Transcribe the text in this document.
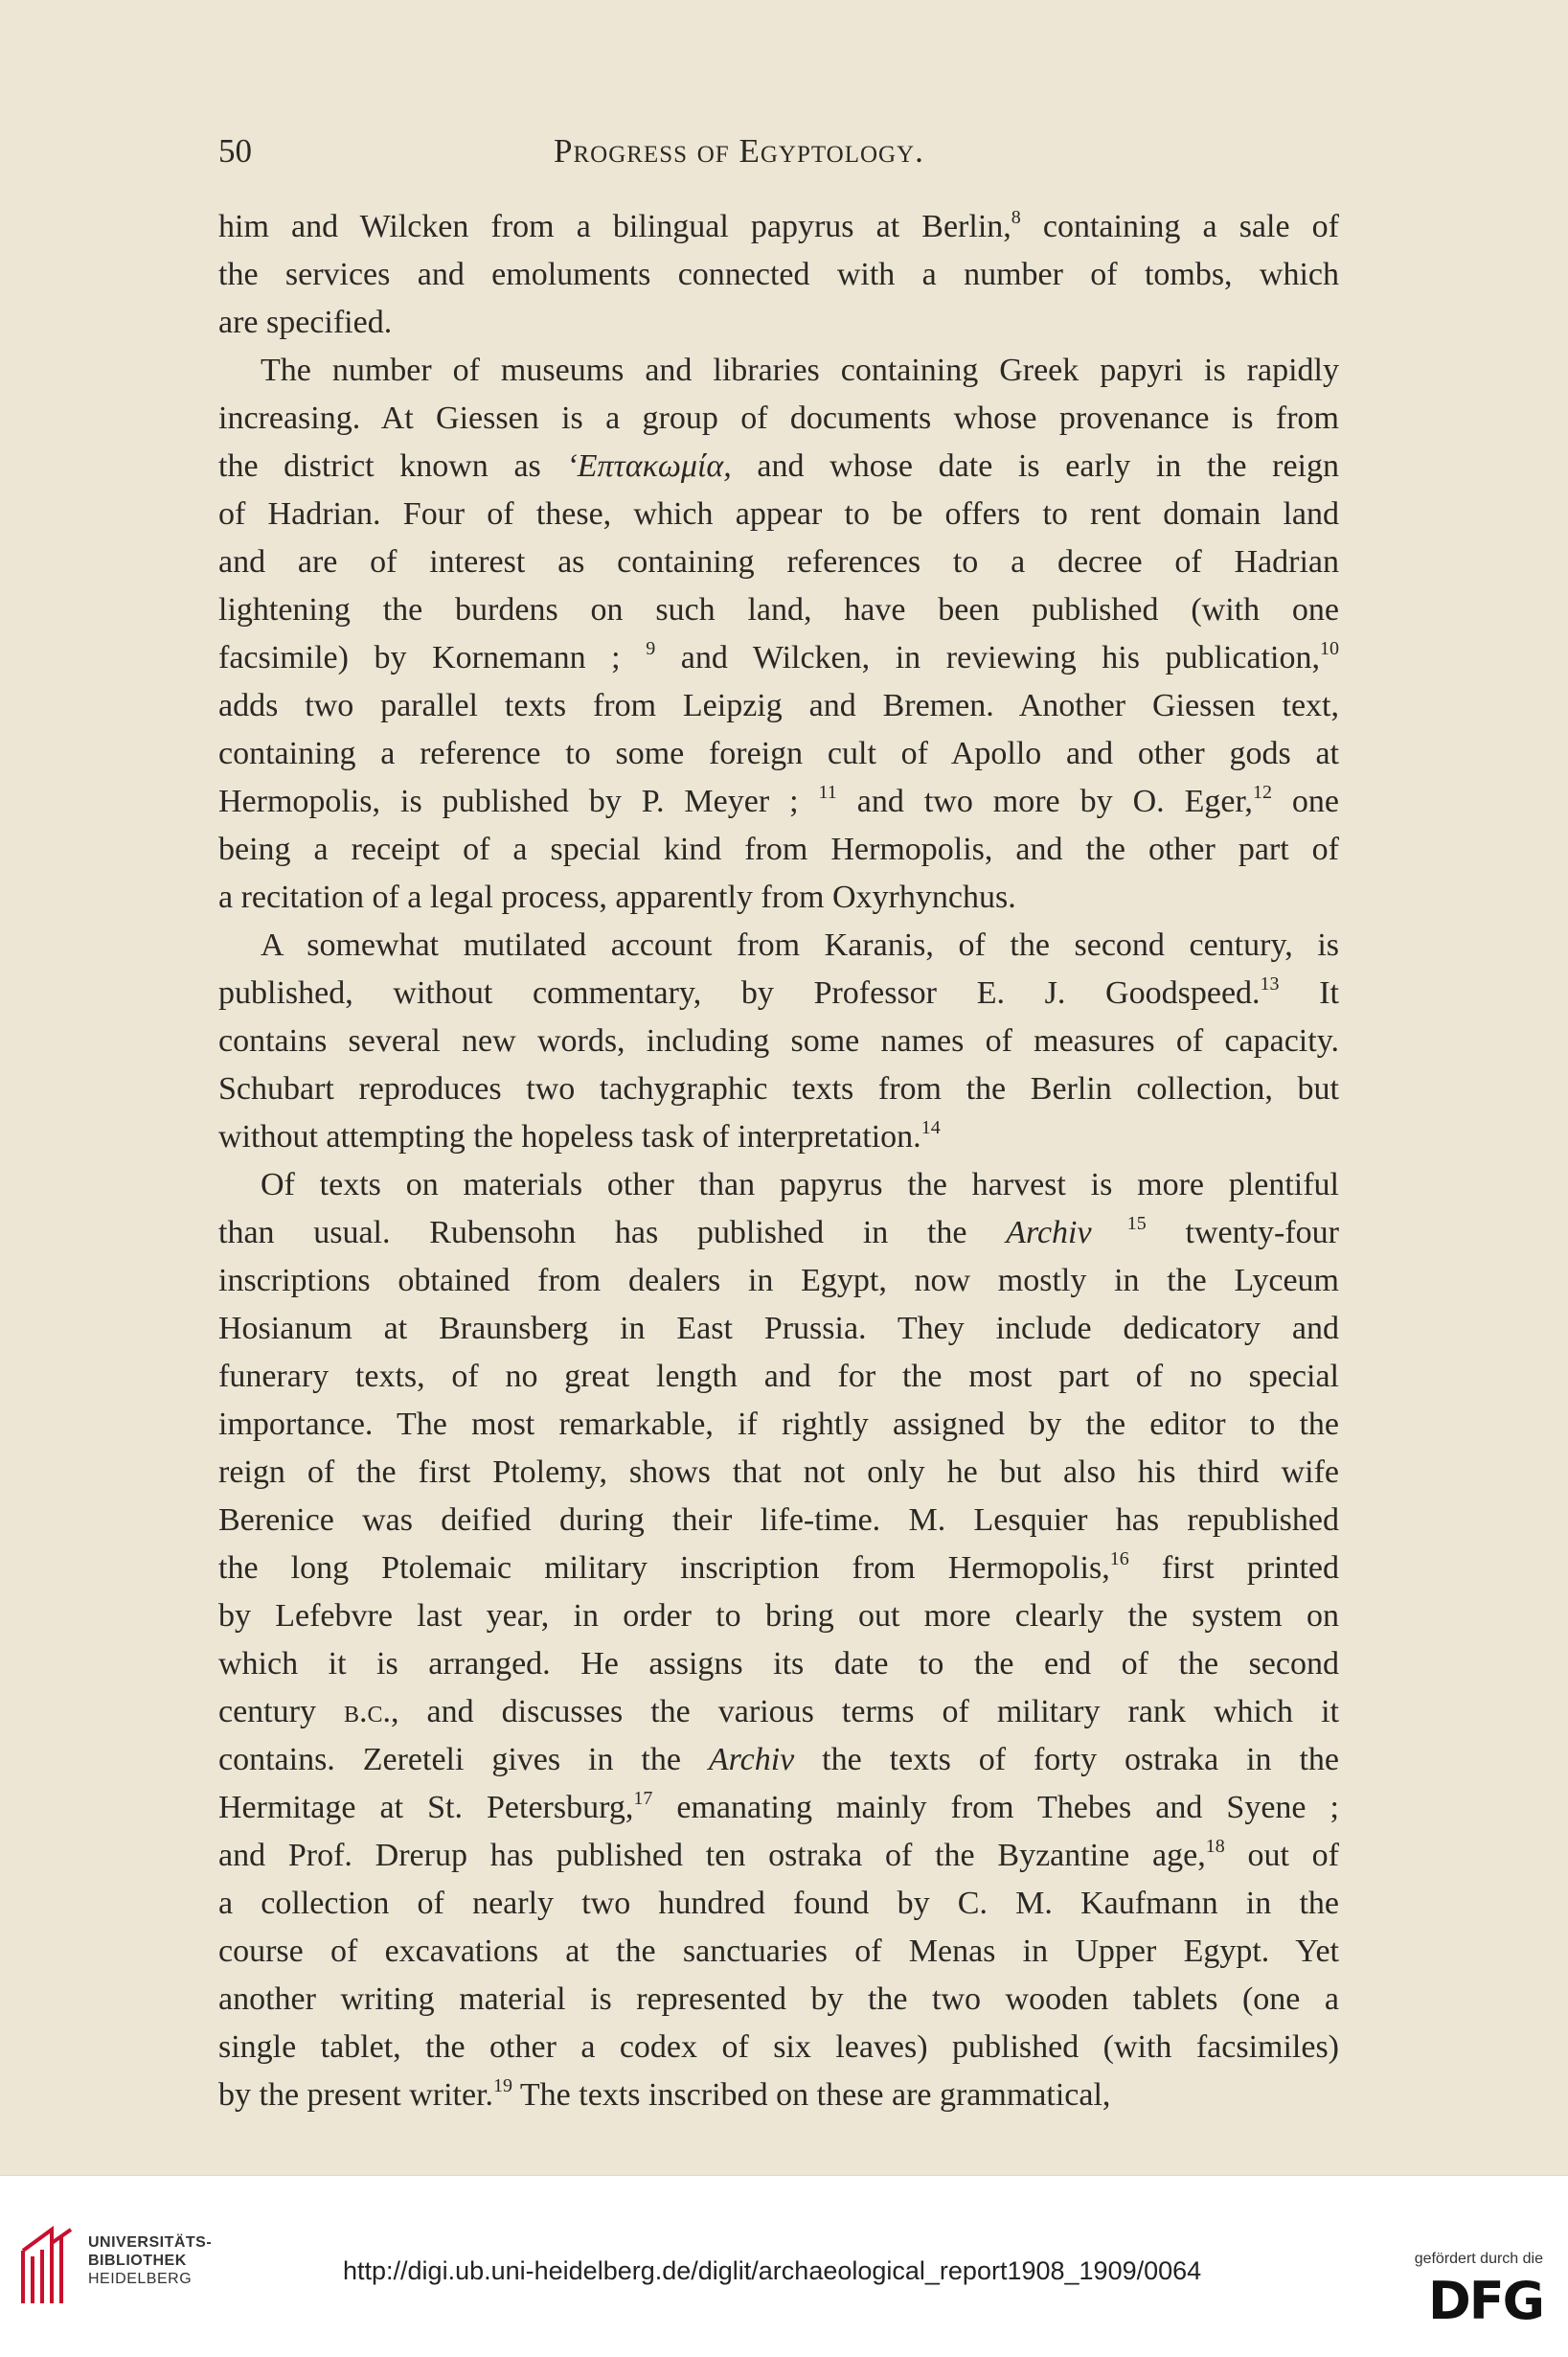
50	Progress of Egyptology.
him and Wilcken from a bilingual papyrus at Berlin,$^8$ containing a sale of
the services and emoluments connected with a number of tombs, which
are specified.
The number of museums and libraries containing Greek papyri is rapidly
increasing. At Giessen is a group of documents whose provenance is from
the district known as ‘Επτακωμία, and whose date is early in the reign
of Hadrian. Four of these, which appear to be offers to rent domain land
and are of interest as containing references to a decree of Hadrian
lightening the burdens on such land, have been published (with one
facsimile) by Kornemann ; $^9$ and Wilcken, in reviewing his publication,$^{10}$
adds two parallel texts from Leipzig and Bremen. Another Giessen text,
containing a reference to some foreign cult of Apollo and other gods at
Hermopolis, is published by P. Meyer ; $^{11}$ and two more by O. Eger,$^{12}$ one
being a receipt of a special kind from Hermopolis, and the other part of
a recitation of a legal process, apparently from Oxyrhynchus.
A somewhat mutilated account from Karanis, of the second century, is
published, without commentary, by Professor E. J. Goodspeed.$^{13}$ It
contains several new words, including some names of measures of capacity.
Schubart reproduces two tachygraphic texts from the Berlin collection, but
without attempting the hopeless task of interpretation.$^{14}$
Of texts on materials other than papyrus the harvest is more plentiful
than usual. Rubensohn has published in the Archiv $^{15}$ twenty-four
inscriptions obtained from dealers in Egypt, now mostly in the Lyceum
Hosianum at Braunsberg in East Prussia. They include dedicatory and
funerary texts, of no great length and for the most part of no special
importance. The most remarkable, if rightly assigned by the editor to the
reign of the first Ptolemy, shows that not only he but also his third wife
Berenice was deified during their life-time. M. Lesquier has republished
the long Ptolemaic military inscription from Hermopolis,$^{16}$ first printed
by Lefebvre last year, in order to bring out more clearly the system on
which it is arranged. He assigns its date to the end of the second
century b.c., and discusses the various terms of military rank which it
contains. Zereteli gives in the Archiv the texts of forty ostraka in the
Hermitage at St. Petersburg,$^{17}$ emanating mainly from Thebes and Syene ;
and Prof. Drerup has published ten ostraka of the Byzantine age,$^{18}$ out of
a collection of nearly two hundred found by C. M. Kaufmann in the
course of excavations at the sanctuaries of Menas in Upper Egypt. Yet
another writing material is represented by the two wooden tablets (one a
single tablet, the other a codex of six leaves) published (with facsimiles)
by the present writer.$^{19}$ The texts inscribed on these are grammatical,
UNIVERSITÄTS-
BIBLIOTHEK
HEIDELBERG	http://digi.ub.uni-heidelberg.de/diglit/archaeological_report1908_1909/0064	gefördert durch die
DFG
